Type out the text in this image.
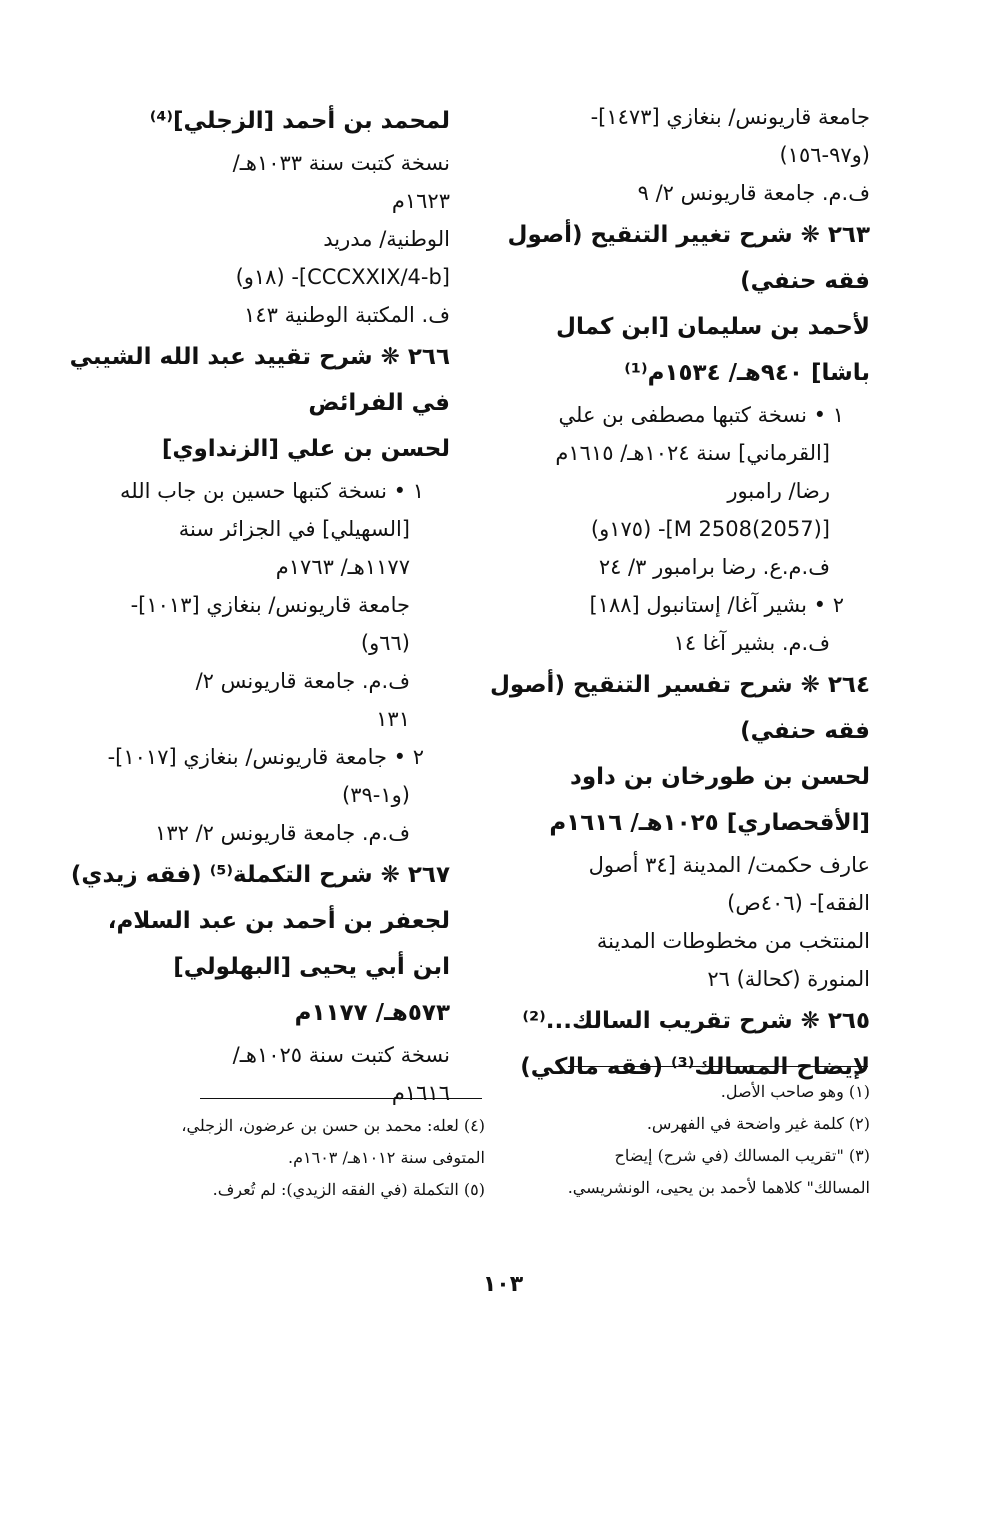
جامعة قاريونس/ بنغازي [١٤٧٣]-
(و٩٧-١٥٦)
ف.م. جامعة قاريونس ٢/ ٩
٢٦٣ ❋ شرح تغيير التنقيح (أصول
فقه حنفي)
لأحمد بن سليمان [ابن كمال
باشا] ٩٤٠هـ/ ١٥٣٤م⁽¹⁾
١ • نسخة كتبها مصطفى بن علي
[القرماني] سنة ١٠٢٤هـ/ ١٦١٥م
رضا/ رامبور
[M 2508(2057)]- (١٧٥و)
ف.م.ع. رضا برامبور ٣/ ٢٤
٢ • بشير آغا/ إستانبول [١٨٨]
ف.م. بشير آغا ١٤
٢٦٤ ❋ شرح تفسير التنقيح (أصول
فقه حنفي)
لحسن بن طورخان بن داود
[الأقحصاري] ١٠٢٥هـ/ ١٦١٦م
عارف حكمت/ المدينة [٣٤ أصول
الفقه]- (٤٠٦ص)
المنتخب من مخطوطات المدينة
المنورة (كحالة) ٢٦
٢٦٥ ❋ شرح تقريب السالك...⁽²⁾
لإيضاح المسالك⁽³⁾ (فقه مالكي)
لمحمد بن أحمد [الزجلي]⁽⁴⁾
نسخة كتبت سنة ١٠٣٣هـ/
١٦٢٣م
الوطنية/ مدريد
[CCCXXIX/4-b]- (١٨و)
ف. المكتبة الوطنية ١٤٣
٢٦٦ ❋ شرح تقييد عبد الله الشيبي
في الفرائض
لحسن بن علي [الزنداوي]
١ • نسخة كتبها حسين بن جاب الله
[السهيلي] في الجزائر سنة
١١٧٧هـ/ ١٧٦٣م
جامعة قاريونس/ بنغازي [١٠١٣]-
(٦٦و)
ف.م. جامعة قاريونس ٢/
١٣١
٢ • جامعة قاريونس/ بنغازي [١٠١٧]-
(و١-٣٩)
ف.م. جامعة قاريونس ٢/ ١٣٢
٢٦٧ ❋ شرح التكملة⁽⁵⁾ (فقه زيدي)
لجعفر بن أحمد بن عبد السلام،
ابن أبي يحيى [البهلولي]
٥٧٣هـ/ ١١٧٧م
نسخة كتبت سنة ١٠٢٥هـ/
١٦١٦م	(١) وهو صاحب الأصل.
(٢) كلمة غير واضحة في الفهرس.
(٣) "تقريب المسالك (في شرح) إيضاح
المسالك" كلاهما لأحمد بن يحيى، الونشريسي.
(٤) لعله: محمد بن حسن بن عرضون، الزجلي،
المتوفى سنة ١٠١٢هـ/ ١٦٠٣م.
(٥) التكملة (في الفقه الزيدي): لم تُعرف.
١٠٣
